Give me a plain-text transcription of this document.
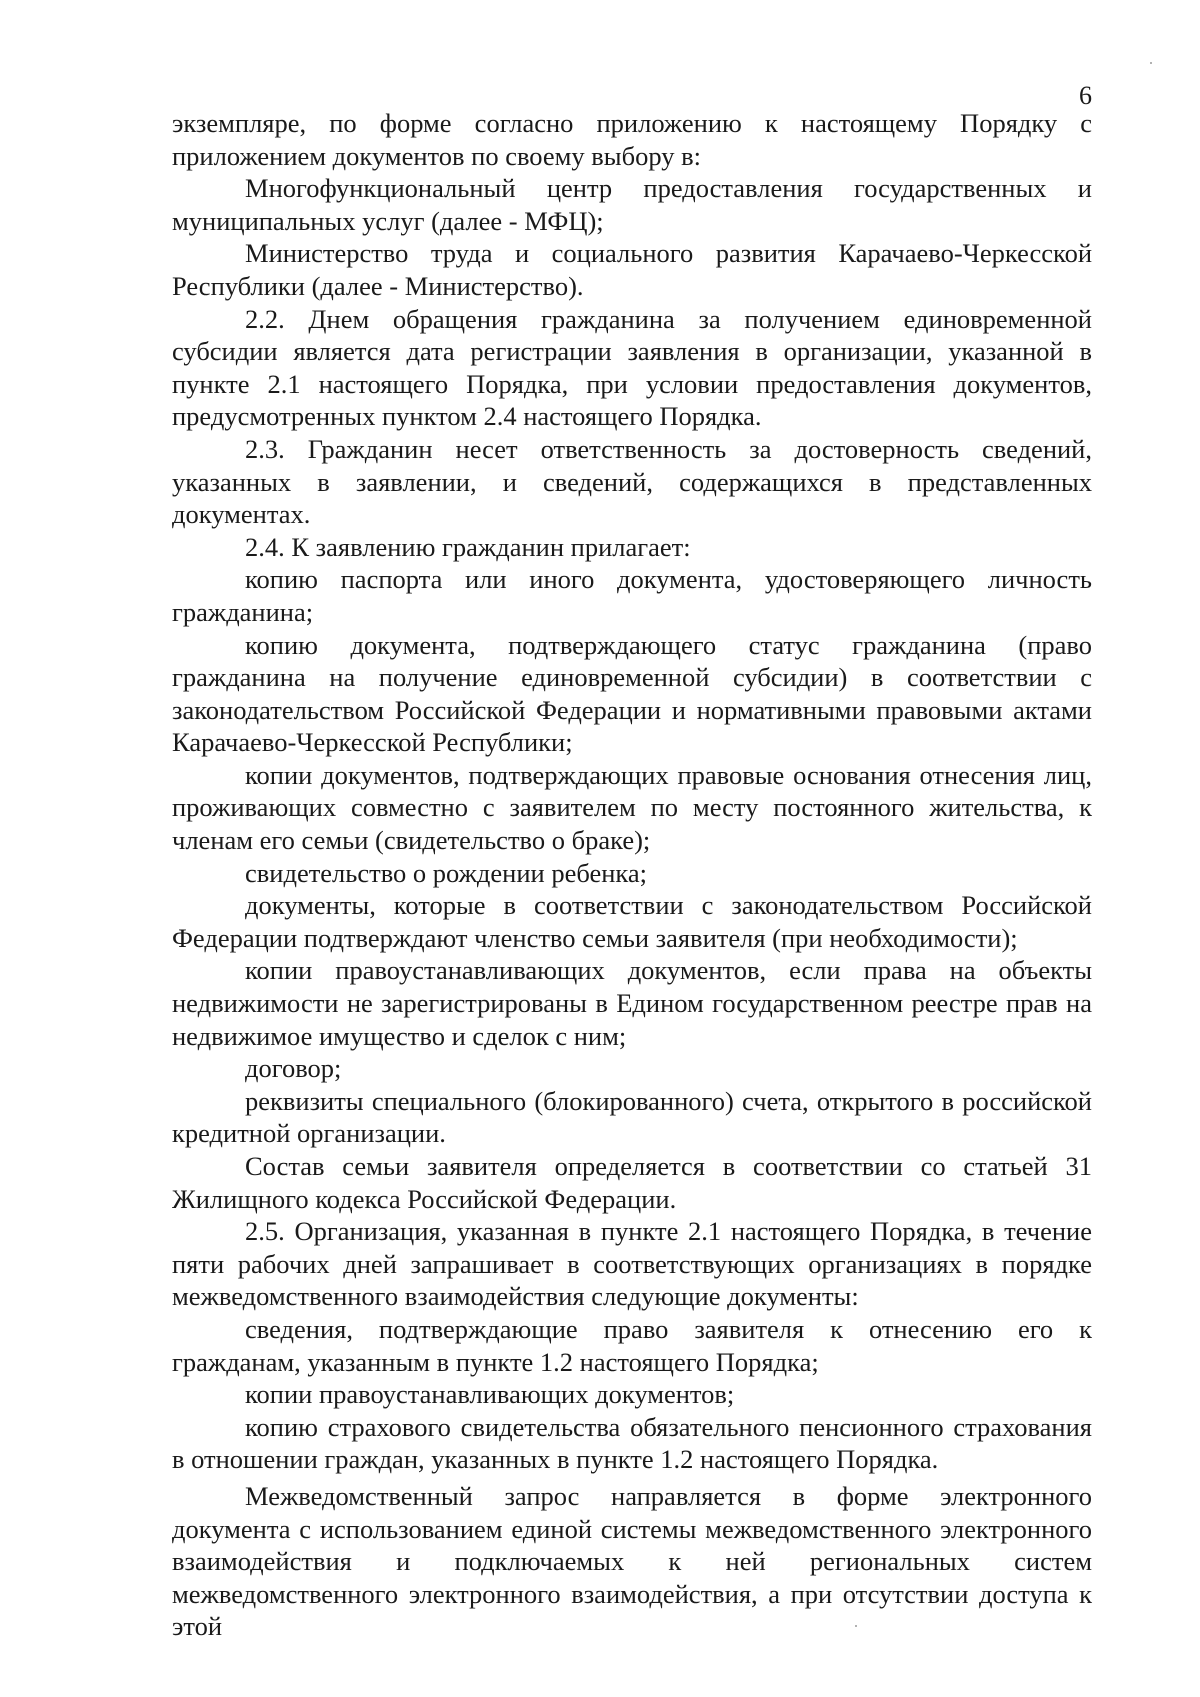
6

экземпляре, по форме согласно приложению к настоящему Порядку с приложением документов по своему выбору в:

Многофункциональный центр предоставления государственных и муниципальных услуг (далее - МФЦ);

Министерство труда и социального развития Карачаево-Черкесской Республики (далее - Министерство).

2.2. Днем обращения гражданина за получением единовременной субсидии является дата регистрации заявления в организации, указанной в пункте 2.1 настоящего Порядка, при условии предоставления документов, предусмотренных пунктом 2.4 настоящего Порядка.

2.3. Гражданин несет ответственность за достоверность сведений, указанных в заявлении, и сведений, содержащихся в представленных документах.

2.4. К заявлению гражданин прилагает:

копию паспорта или иного документа, удостоверяющего личность гражданина;

копию документа, подтверждающего статус гражданина (право гражданина на получение единовременной субсидии) в соответствии с законодательством Российской Федерации и нормативными правовыми актами Карачаево-Черкесской Республики;

копии документов, подтверждающих правовые основания отнесения лиц, проживающих совместно с заявителем по месту постоянного жительства, к членам его семьи (свидетельство о браке);

свидетельство о рождении ребенка;

документы, которые в соответствии с законодательством Российской Федерации подтверждают членство семьи заявителя (при необходимости);

копии правоустанавливающих документов, если права на объекты недвижимости не зарегистрированы в Едином государственном реестре прав на недвижимое имущество и сделок с ним;

договор;

реквизиты специального (блокированного) счета, открытого в российской кредитной организации.

Состав семьи заявителя определяется в соответствии со статьей 31 Жилищного кодекса Российской Федерации.

2.5. Организация, указанная в пункте 2.1 настоящего Порядка, в течение пяти рабочих дней запрашивает в соответствующих организациях в порядке межведомственного взаимодействия следующие документы:

сведения, подтверждающие право заявителя к отнесению его к гражданам, указанным в пункте 1.2 настоящего Порядка;

копии правоустанавливающих документов;

копию страхового свидетельства обязательного пенсионного страхования в отношении граждан, указанных в пункте 1.2 настоящего Порядка.

Межведомственный запрос направляется в форме электронного документа с использованием единой системы межведомственного электронного взаимодействия и подключаемых к ней региональных систем межведомственного электронного взаимодействия, а при отсутствии доступа к этой
